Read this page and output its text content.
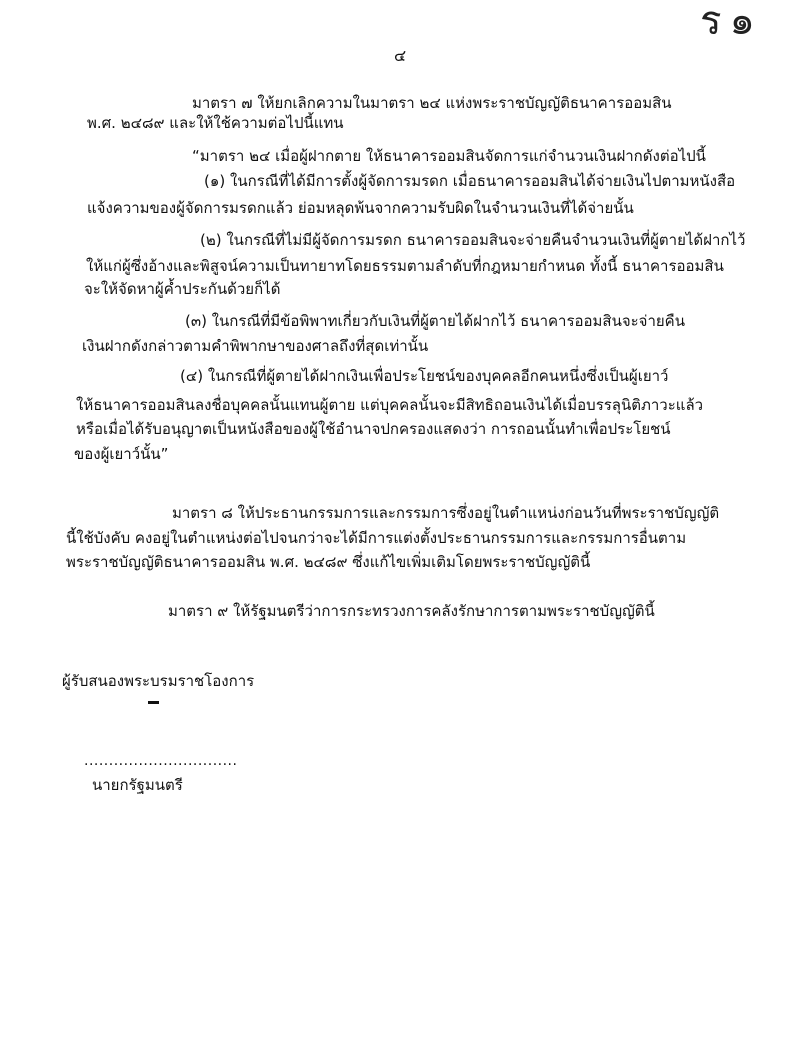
ร๑
๔
มาตรา ๗ ให้ยกเลิกความในมาตรา ๒๔ แห่งพระราชบัญญัติธนาคารออมสิน
พ.ศ. ๒๔๘๙ และให้ใช้ความต่อไปนี้แทน
“มาตรา ๒๔ เมื่อผู้ฝากตาย ให้ธนาคารออมสินจัดการแก่จำนวนเงินฝากดังต่อไปนี้
(๑) ในกรณีที่ได้มีการตั้งผู้จัดการมรดก เมื่อธนาคารออมสินได้จ่ายเงินไปตามหนังสือ
แจ้งความของผู้จัดการมรดกแล้ว ย่อมหลุดพ้นจากความรับผิดในจำนวนเงินที่ได้จ่ายนั้น
(๒) ในกรณีที่ไม่มีผู้จัดการมรดก ธนาคารออมสินจะจ่ายคืนจำนวนเงินที่ผู้ตายได้ฝากไว้
ให้แก่ผู้ซึ่งอ้างและพิสูจน์ความเป็นทายาทโดยธรรมตามลำดับที่กฎหมายกำหนด ทั้งนี้ ธนาคารออมสิน
จะให้จัดหาผู้ค้ำประกันด้วยก็ได้
(๓) ในกรณีที่มีข้อพิพาทเกี่ยวกับเงินที่ผู้ตายได้ฝากไว้ ธนาคารออมสินจะจ่ายคืน
เงินฝากดังกล่าวตามคำพิพากษาของศาลถึงที่สุดเท่านั้น
(๔) ในกรณีที่ผู้ตายได้ฝากเงินเพื่อประโยชน์ของบุคคลอีกคนหนึ่งซึ่งเป็นผู้เยาว์
ให้ธนาคารออมสินลงชื่อบุคคลนั้นแทนผู้ตาย แต่บุคคลนั้นจะมีสิทธิถอนเงินได้เมื่อบรรลุนิติภาวะแล้ว
หรือเมื่อได้รับอนุญาตเป็นหนังสือของผู้ใช้อำนาจปกครองแสดงว่า การถอนนั้นทำเพื่อประโยชน์
ของผู้เยาว์นั้น”
มาตรา ๘ ให้ประธานกรรมการและกรรมการซึ่งอยู่ในตำแหน่งก่อนวันที่พระราชบัญญัติ
นี้ใช้บังคับ คงอยู่ในตำแหน่งต่อไปจนกว่าจะได้มีการแต่งตั้งประธานกรรมการและกรรมการอื่นตาม
พระราชบัญญัติธนาคารออมสิน พ.ศ. ๒๔๘๙ ซึ่งแก้ไขเพิ่มเติมโดยพระราชบัญญัตินี้
มาตรา ๙ ให้รัฐมนตรีว่าการกระทรวงการคลังรักษาการตามพระราชบัญญัตินี้
ผู้รับสนองพระบรมราชโองการ
...............................
นายกรัฐมนตรี
